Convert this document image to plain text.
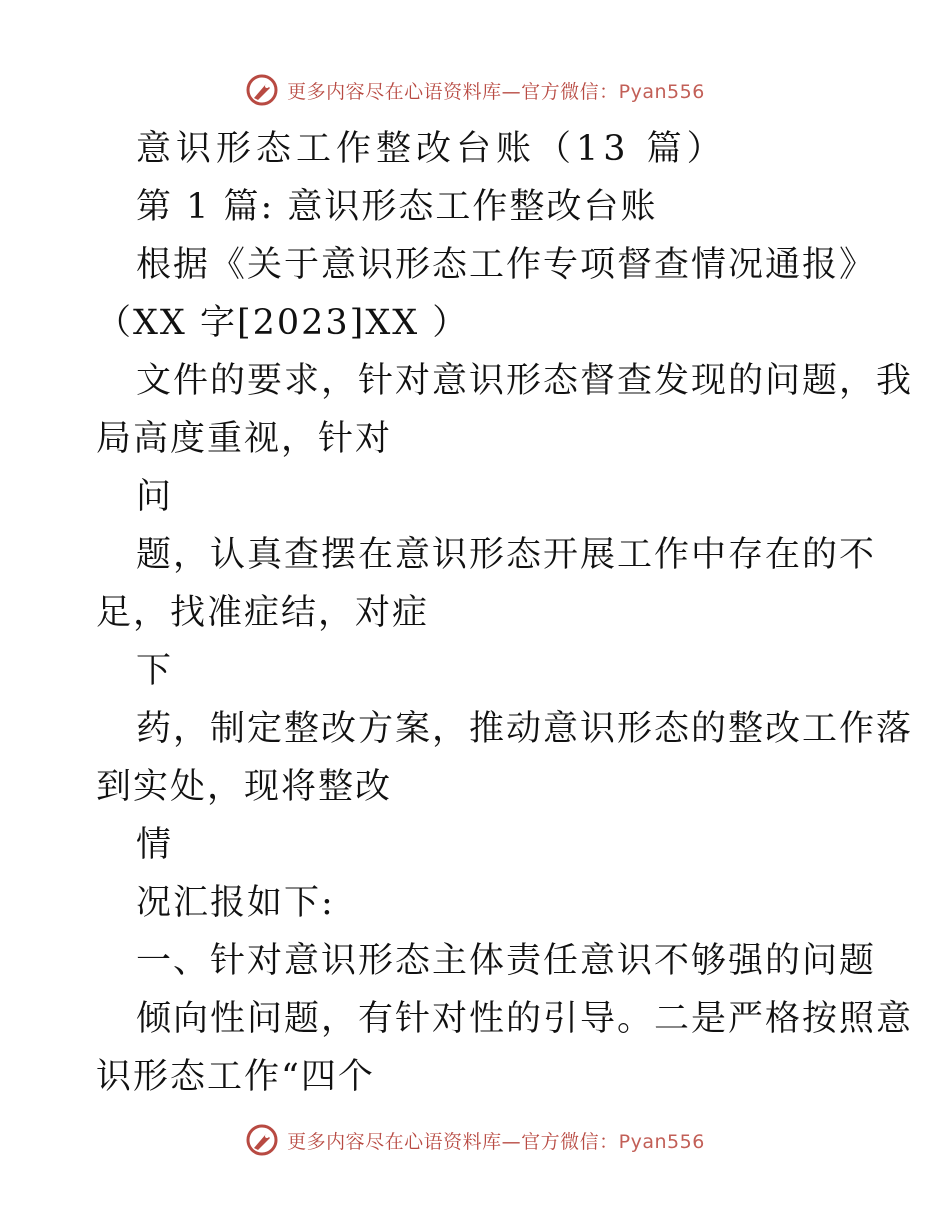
更多内容尽在心语资料库—官方微信：Pyan556
意识形态工作整改台账（13 篇）
第 1 篇: 意识形态工作整改台账
根据《关于意识形态工作专项督查情况通报》
（XX 字[2023]XX ）
文件的要求，针对意识形态督查发现的问题，我
局高度重视，针对
问
题，认真查摆在意识形态开展工作中存在的不
足，找准症结，对症
下
药，制定整改方案，推动意识形态的整改工作落
到实处，现将整改
情
况汇报如下:
一、针对意识形态主体责任意识不够强的问题
倾向性问题，有针对性的引导。二是严格按照意
识形态工作“四个
更多内容尽在心语资料库—官方微信：Pyan556
